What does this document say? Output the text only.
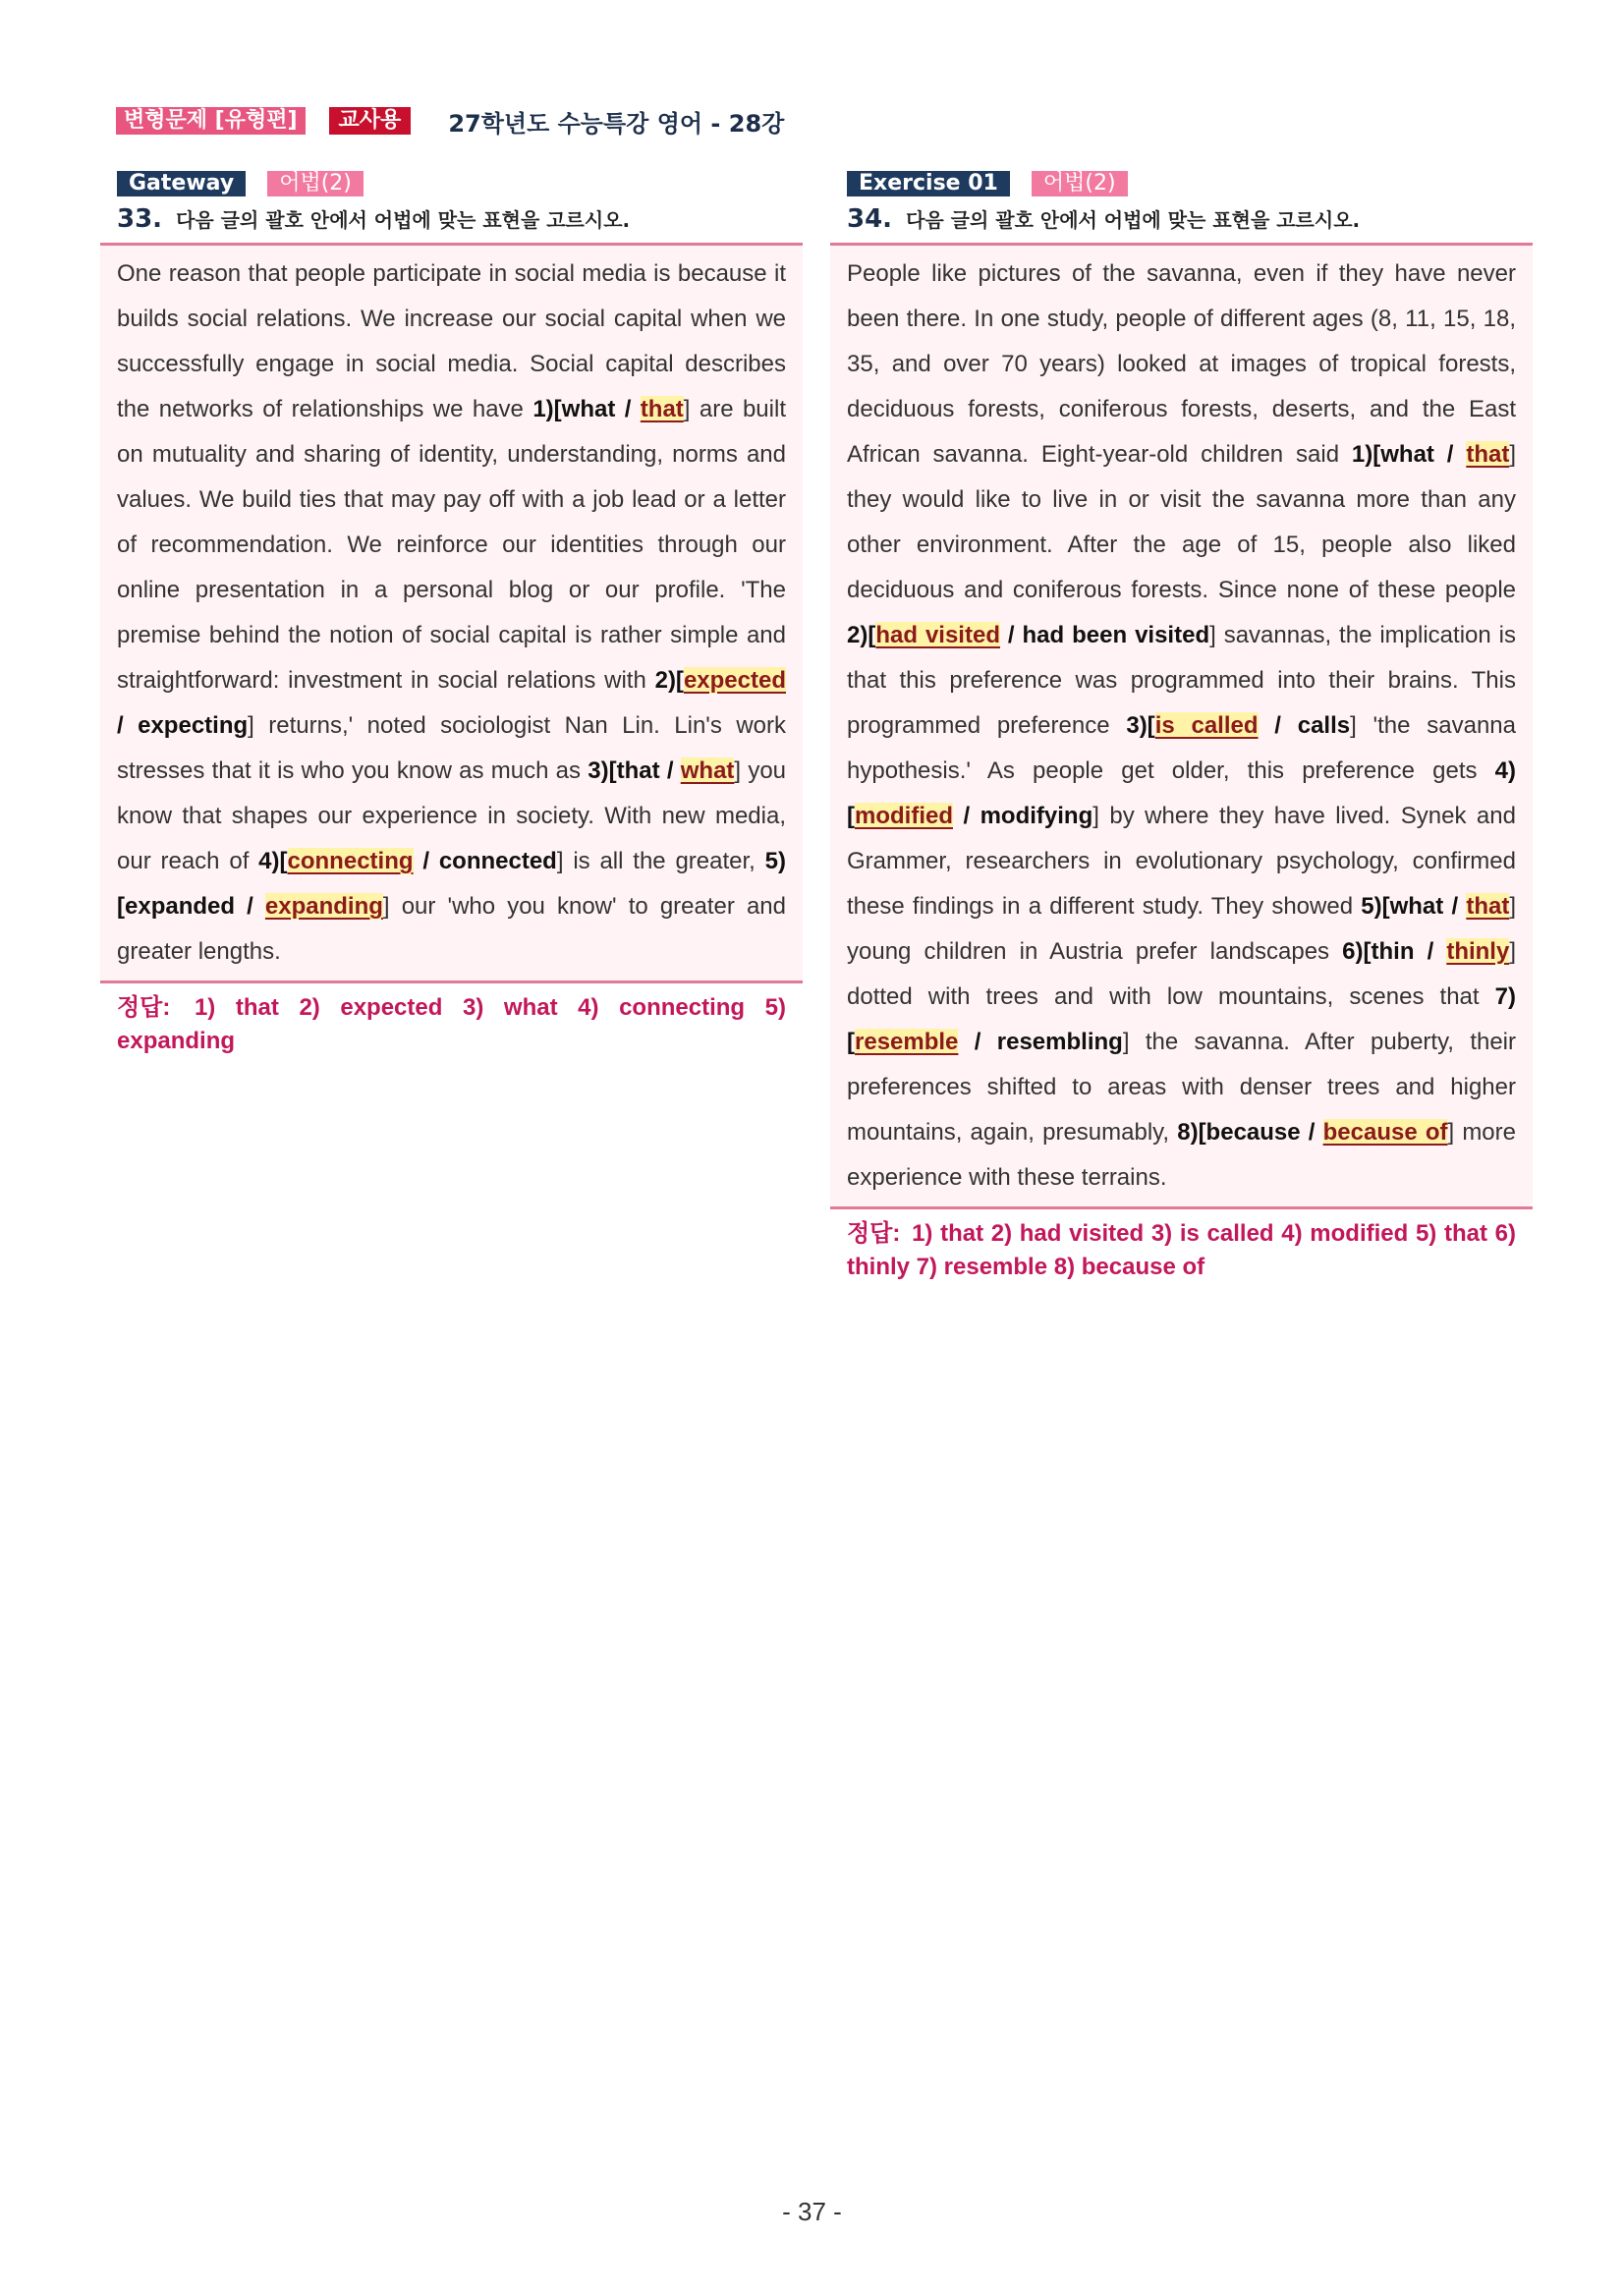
변형문제 [유형편]	교사용	27학년도 수능특강 영어 - 28강
Gateway	어법(2)
33. 다음 글의 괄호 안에서 어법에 맞는 표현을 고르시오.
One reason that people participate in social media is because it builds social relations. We increase our social capital when we successfully engage in social media. Social capital describes the networks of relationships we have 1)[what / that] are built on mutuality and sharing of identity, understanding, norms and values. We build ties that may pay off with a job lead or a letter of recommendation. We reinforce our identities through our online presentation in a personal blog or our profile. 'The premise behind the notion of social capital is rather simple and straightforward: investment in social relations with 2)[expected / expecting] returns,' noted sociologist Nan Lin. Lin's work stresses that it is who you know as much as 3)[that / what] you know that shapes our experience in society. With new media, our reach of 4)[connecting / connected] is all the greater, 5)[expanded / expanding] our 'who you know' to greater and greater lengths.
정답: 1) that 2) expected 3) what 4) connecting 5) expanding
Exercise 01	어법(2)
34. 다음 글의 괄호 안에서 어법에 맞는 표현을 고르시오.
People like pictures of the savanna, even if they have never been there. In one study, people of different ages (8, 11, 15, 18, 35, and over 70 years) looked at images of tropical forests, deciduous forests, coniferous forests, deserts, and the East African savanna. Eight-year-old children said 1)[what / that] they would like to live in or visit the savanna more than any other environment. After the age of 15, people also liked deciduous and coniferous forests. Since none of these people 2)[had visited / had been visited] savannas, the implication is that this preference was programmed into their brains. This programmed preference 3)[is called / calls] 'the savanna hypothesis.' As people get older, this preference gets 4)[modified / modifying] by where they have lived. Synek and Grammer, researchers in evolutionary psychology, confirmed these findings in a different study. They showed 5)[what / that] young children in Austria prefer landscapes 6)[thin / thinly] dotted with trees and with low mountains, scenes that 7)[resemble / resembling] the savanna. After puberty, their preferences shifted to areas with denser trees and higher mountains, again, presumably, 8)[because / because of] more experience with these terrains.
정답: 1) that 2) had visited 3) is called 4) modified 5) that 6) thinly 7) resemble 8) because of
- 37 -
